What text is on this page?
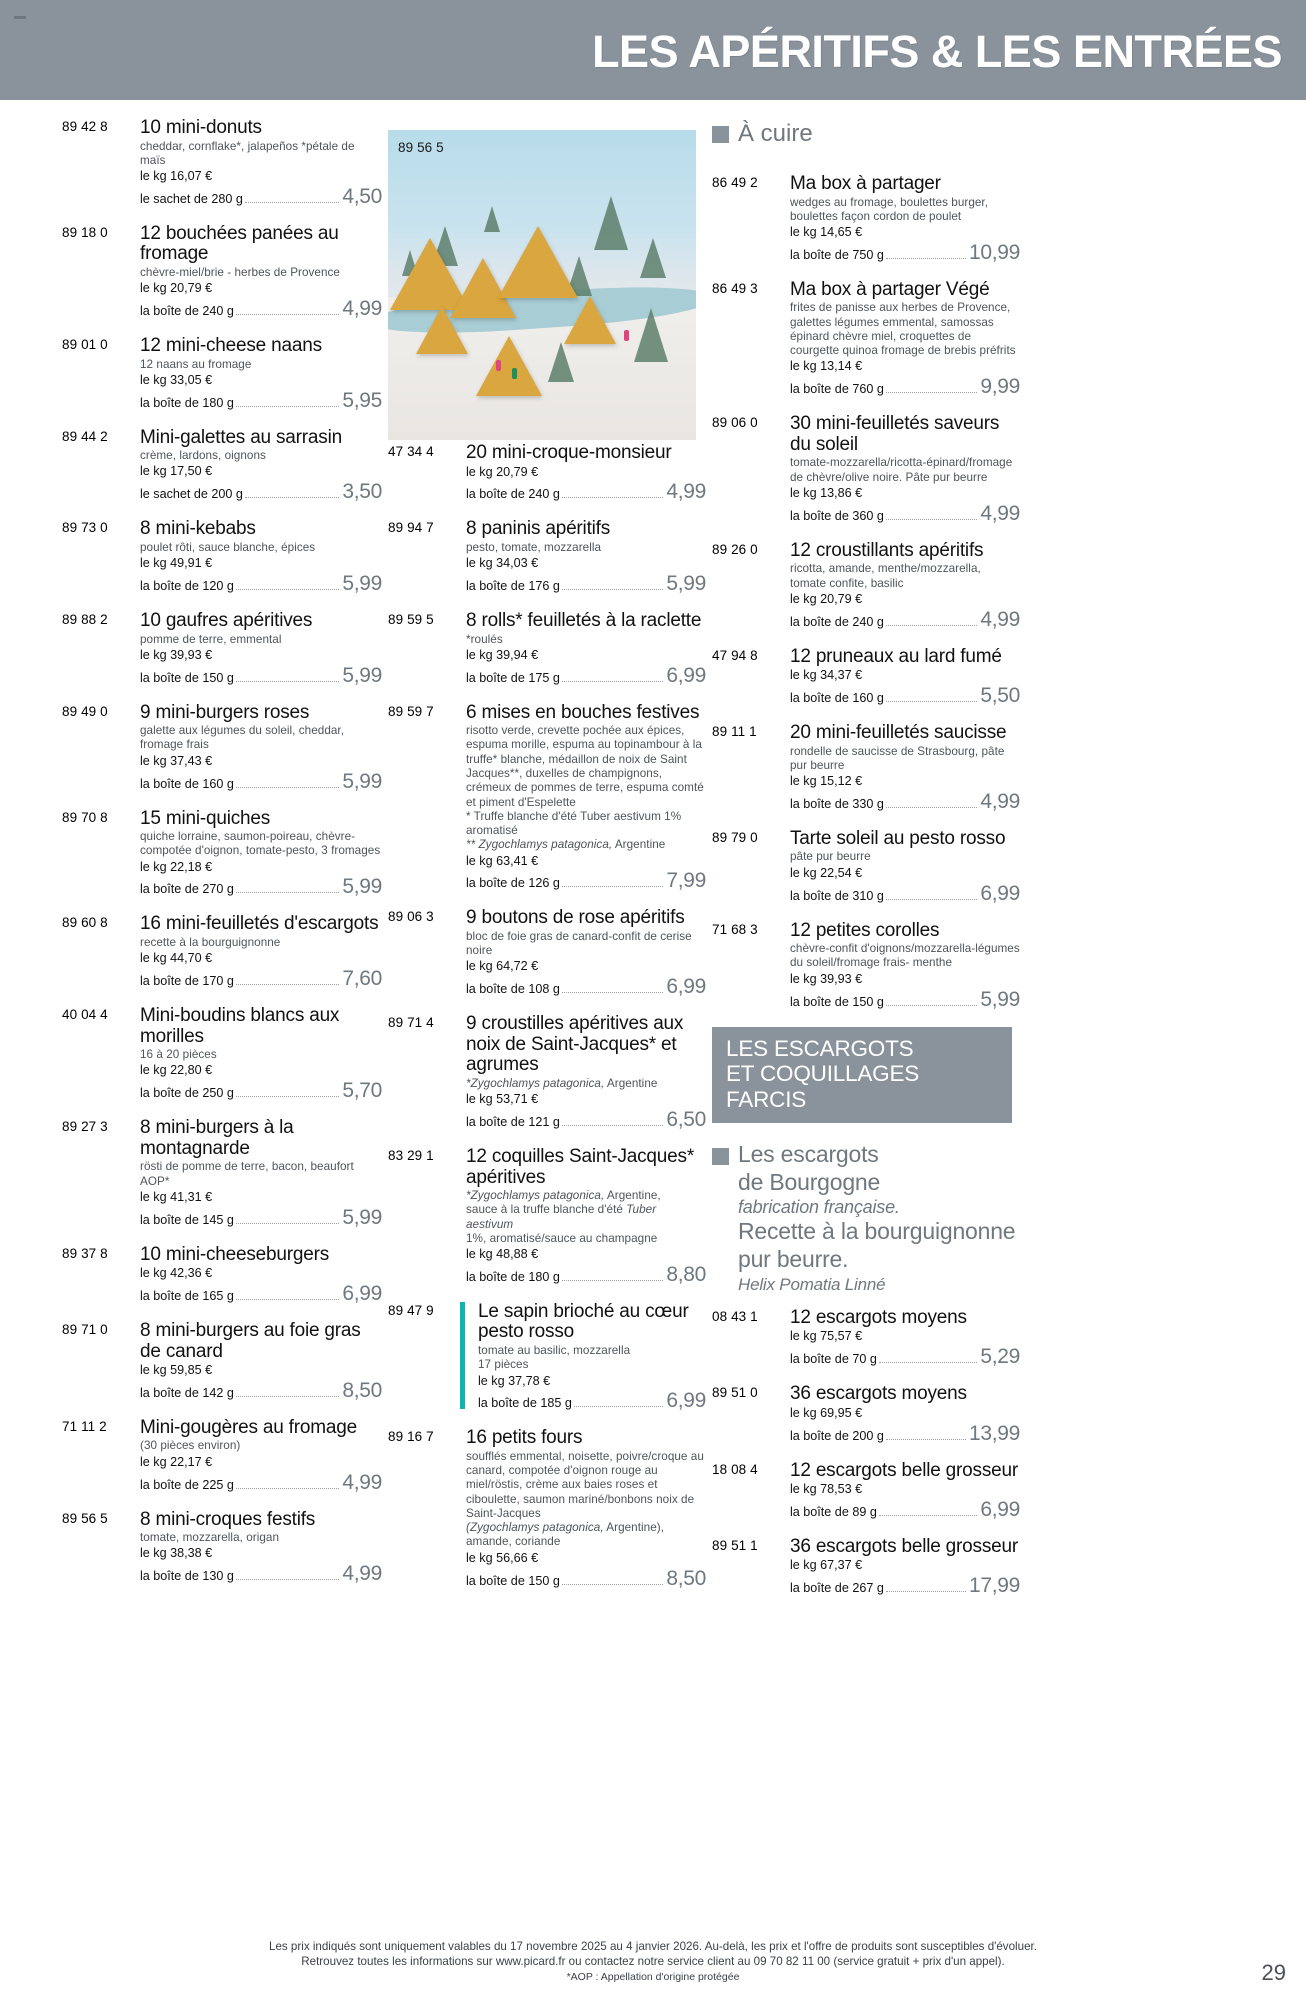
LES APÉRITIFS & LES ENTRÉES
89 56 5
89 42 8 10 mini-donuts
cheddar, cornflake*, jalapeños *pétale de maïs
le kg 16,07 €
le sachet de 280 g	4,50
89 18 0 12 bouchées panées au fromage
chèvre-miel/brie - herbes de Provence
le kg 20,79 €
la boîte de 240 g	4,99
89 01 0 12 mini-cheese naans
12 naans au fromage
le kg 33,05 €
la boîte de 180 g	5,95
89 44 2 Mini-galettes au sarrasin
crème, lardons, oignons
le kg 17,50 €
le sachet de 200 g	3,50
89 73 0 8 mini-kebabs
poulet rôti, sauce blanche, épices
le kg 49,91 €
la boîte de 120 g	5,99
89 88 2 10 gaufres apéritives
pomme de terre, emmental
le kg 39,93 €
la boîte de 150 g	5,99
89 49 0 9 mini-burgers roses
galette aux légumes du soleil, cheddar, fromage frais
le kg 37,43 €
la boîte de 160 g	5,99
89 70 8 15 mini-quiches
quiche lorraine, saumon-poireau, chèvre-compotée d'oignon, tomate-pesto, 3 fromages
le kg 22,18 €
la boîte de 270 g	5,99
89 60 8 16 mini-feuilletés d'escargots
recette à la bourguignonne
le kg 44,70 €
la boîte de 170 g	7,60
40 04 4 Mini-boudins blancs aux morilles
16 à 20 pièces
le kg 22,80 €
la boîte de 250 g	5,70
89 27 3 8 mini-burgers à la montagnarde
rösti de pomme de terre, bacon, beaufort AOP*
le kg 41,31 €
la boîte de 145 g	5,99
89 37 8 10 mini-cheeseburgers
le kg 42,36 €
la boîte de 165 g	6,99
89 71 0 8 mini-burgers au foie gras de canard
le kg 59,85 €
la boîte de 142 g	8,50
71 11 2 Mini-gougères au fromage
(30 pièces environ)
le kg 22,17 €
la boîte de 225 g	4,99
89 56 5 8 mini-croques festifs
tomate, mozzarella, origan
le kg 38,38 €
la boîte de 130 g	4,99
47 34 4 20 mini-croque-monsieur
le kg 20,79 €
la boîte de 240 g	4,99
89 94 7 8 paninis apéritifs
pesto, tomate, mozzarella
le kg 34,03 €
la boîte de 176 g	5,99
89 59 5 8 rolls* feuilletés à la raclette
*roulés
le kg 39,94 €
la boîte de 175 g	6,99
89 59 7 6 mises en bouches festives
risotto verde, crevette pochée aux épices, espuma morille, espuma au topinambour à la truffe* blanche, médaillon de noix de Saint Jacques**, duxelles de champignons, crémeux de pommes de terre, espuma comté et piment d'Espelette
* Truffe blanche d'été Tuber aestivum 1% aromatisé
** Zygochlamys patagonica, Argentine
le kg 63,41 €
la boîte de 126 g	7,99
89 06 3 9 boutons de rose apéritifs
bloc de foie gras de canard-confit de cerise noire
le kg 64,72 €
la boîte de 108 g	6,99
89 71 4 9 croustilles apéritives aux noix de Saint-Jacques* et agrumes
*Zygochlamys patagonica, Argentine
le kg 53,71 €
la boîte de 121 g	6,50
83 29 1 12 coquilles Saint-Jacques* apéritives
*Zygochlamys patagonica, Argentine,
sauce à la truffe blanche d'été Tuber aestivum
1%, aromatisé/sauce au champagne
le kg 48,88 €
la boîte de 180 g	8,80
89 47 9 Le sapin brioché au cœur pesto rosso
tomate au basilic, mozzarella
17 pièces
le kg 37,78 €
la boîte de 185 g	6,99
89 16 7 16 petits fours
soufflés emmental, noisette, poivre/croque au canard, compotée d'oignon rouge au miel/röstis, crème aux baies roses et ciboulette, saumon mariné/bonbons noix de Saint-Jacques
(Zygochlamys patagonica, Argentine),
amande, coriande
le kg 56,66 €
la boîte de 150 g	8,50
À cuire
86 49 2 Ma box à partager
wedges au fromage, boulettes burger, boulettes façon cordon de poulet
le kg 14,65 €
la boîte de 750 g	10,99
86 49 3 Ma box à partager Végé
frites de panisse aux herbes de Provence, galettes légumes emmental, samossas épinard chèvre miel, croquettes de courgette quinoa fromage de brebis préfrits
le kg 13,14 €
la boîte de 760 g	9,99
89 06 0 30 mini-feuilletés saveurs du soleil
tomate-mozzarella/ricotta-épinard/fromage de chèvre/olive noire. Pâte pur beurre
le kg 13,86 €
la boîte de 360 g	4,99
89 26 0 12 croustillants apéritifs
ricotta, amande, menthe/mozzarella, tomate confite, basilic
le kg 20,79 €
la boîte de 240 g	4,99
47 94 8 12 pruneaux au lard fumé
le kg 34,37 €
la boîte de 160 g	5,50
89 11 1 20 mini-feuilletés saucisse
rondelle de saucisse de Strasbourg, pâte pur beurre
le kg 15,12 €
la boîte de 330 g	4,99
89 79 0 Tarte soleil au pesto rosso
pâte pur beurre
le kg 22,54 €
la boîte de 310 g	6,99
71 68 3 12 petites corolles
chèvre-confit d'oignons/mozzarella-légumes du soleil/fromage frais- menthe
le kg 39,93 €
la boîte de 150 g	5,99
LES ESCARGOTS
ET COQUILLAGES FARCIS
Les escargots
de Bourgogne
fabrication française.
Recette à la bourguignonne
pur beurre.
Helix Pomatia Linné
08 43 1 12 escargots moyens
le kg 75,57 €
la boîte de 70 g	5,29
89 51 0 36 escargots moyens
le kg 69,95 €
la boîte de 200 g	13,99
18 08 4 12 escargots belle grosseur
le kg 78,53 €
la boîte de 89 g	6,99
89 51 1 36 escargots belle grosseur
le kg 67,37 €
la boîte de 267 g	17,99
Les prix indiqués sont uniquement valables du 17 novembre 2025 au 4 janvier 2026. Au-delà, les prix et l'offre de produits sont susceptibles d'évoluer.
Retrouvez toutes les informations sur www.picard.fr ou contactez notre service client au 09 70 82 11 00 (service gratuit + prix d'un appel).
*AOP : Appellation d'origine protégée	29
